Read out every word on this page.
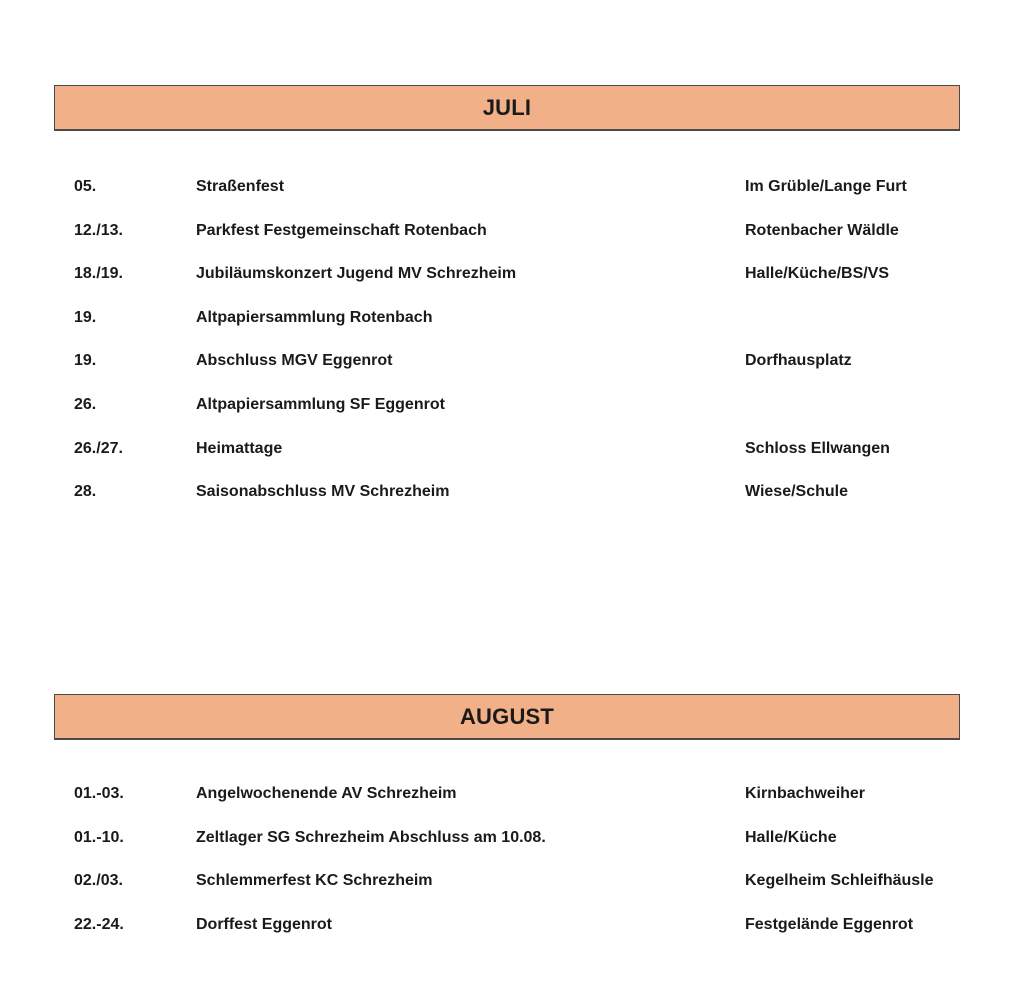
JULI
05.	Straßenfest	Im Grüble/Lange Furt
12./13.	Parkfest Festgemeinschaft Rotenbach	Rotenbacher Wäldle
18./19.	Jubiläumskonzert Jugend MV Schrezheim	Halle/Küche/BS/VS
19.	Altpapiersammlung Rotenbach
19.	Abschluss MGV Eggenrot	Dorfhausplatz
26.	Altpapiersammlung SF Eggenrot
26./27.	Heimattage	Schloss Ellwangen
28.	Saisonabschluss MV Schrezheim	Wiese/Schule
AUGUST
01.-03.	Angelwochenende AV Schrezheim	Kirnbachweiher
01.-10.	Zeltlager SG Schrezheim Abschluss am 10.08.	Halle/Küche
02./03.	Schlemmerfest KC Schrezheim	Kegelheim Schleifhäusle
22.-24.	Dorffest Eggenrot	Festgelände Eggenrot
